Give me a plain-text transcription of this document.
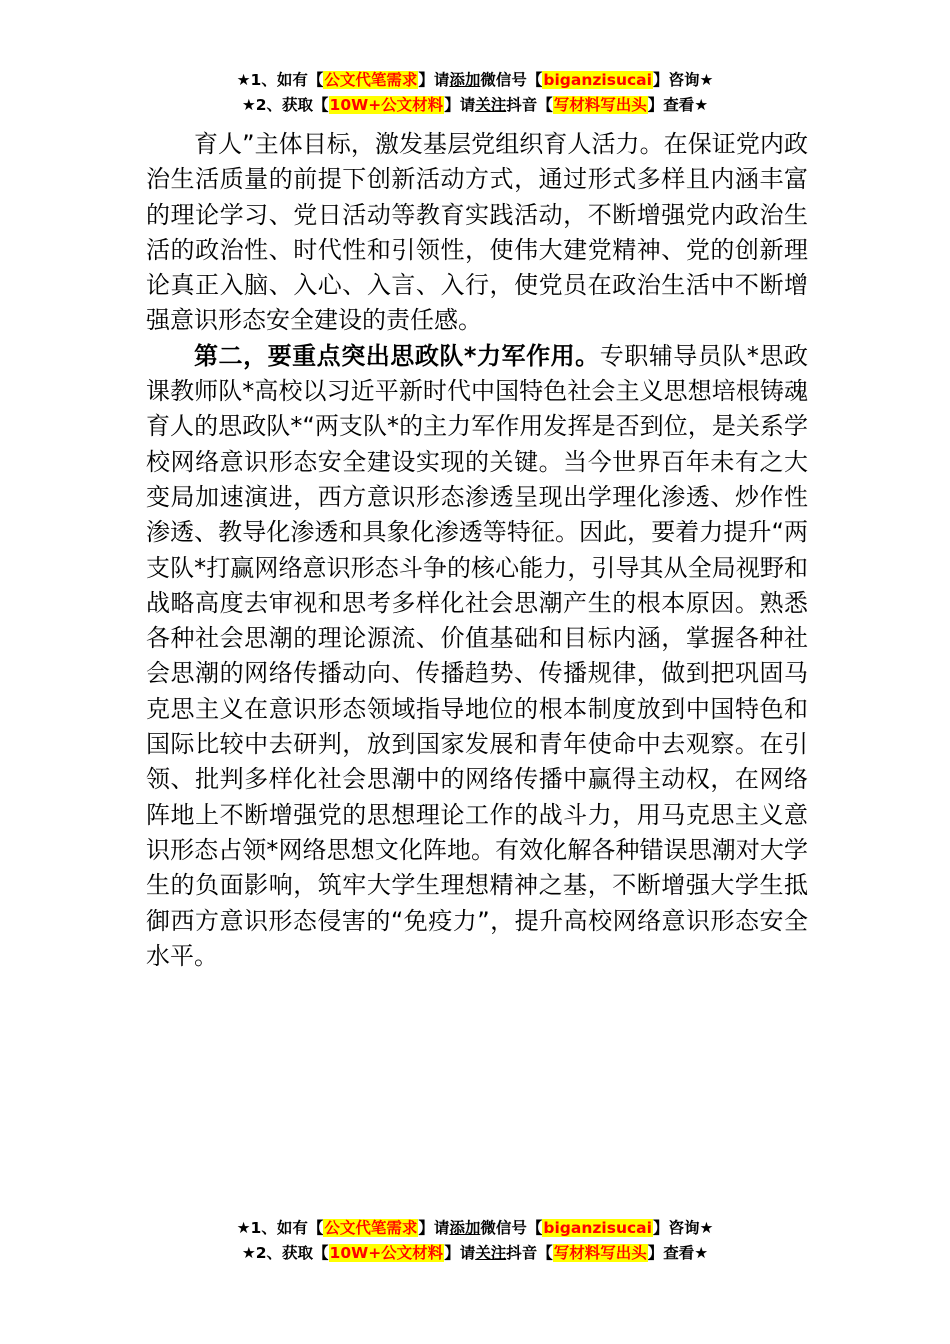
★1、如有【公文代笔需求】请添加微信号【biganzisucai】咨询★
★2、获取【10W+公文材料】请关注抖音【写材料写出头】查看★

育人”主体目标，激发基层党组织育人活力。在保证党内政治生活质量的前提下创新活动方式，通过形式多样且内涵丰富的理论学习、党日活动等教育实践活动，不断增强党内政治生活的政治性、时代性和引领性，使伟大建党精神、党的创新理论真正入脑、入心、入言、入行，使党员在政治生活中不断增强意识形态安全建设的责任感。

第二，要重点突出思政队*力军作用。专职辅导员队*思政课教师队*高校以习近平新时代中国特色社会主义思想培根铸魂育人的思政队*“两支队*的主力军作用发挥是否到位，是关系学校网络意识形态安全建设实现的关键。当今世界百年未有之大变局加速演进，西方意识形态渗透呈现出学理化渗透、炒作性渗透、教导化渗透和具象化渗透等特征。因此，要着力提升“两支队*打赢网络意识形态斗争的核心能力，引导其从全局视野和战略高度去审视和思考多样化社会思潮产生的根本原因。熟悉各种社会思潮的理论源流、价值基础和目标内涵，掌握各种社会思潮的网络传播动向、传播趋势、传播规律，做到把巩固马克思主义在意识形态领域指导地位的根本制度放到中国特色和国际比较中去研判，放到国家发展和青年使命中去观察。在引领、批判多样化社会思潮中的网络传播中赢得主动权，在网络阵地上不断增强党的思想理论工作的战斗力，用马克思主义意识形态占领*网络思想文化阵地。有效化解各种错误思潮对大学生的负面影响，筑牢大学生理想精神之基，不断增强大学生抵御西方意识形态侵害的“免疫力”，提升高校网络意识形态安全水平。

★1、如有【公文代笔需求】请添加微信号【biganzisucai】咨询★
★2、获取【10W+公文材料】请关注抖音【写材料写出头】查看★
